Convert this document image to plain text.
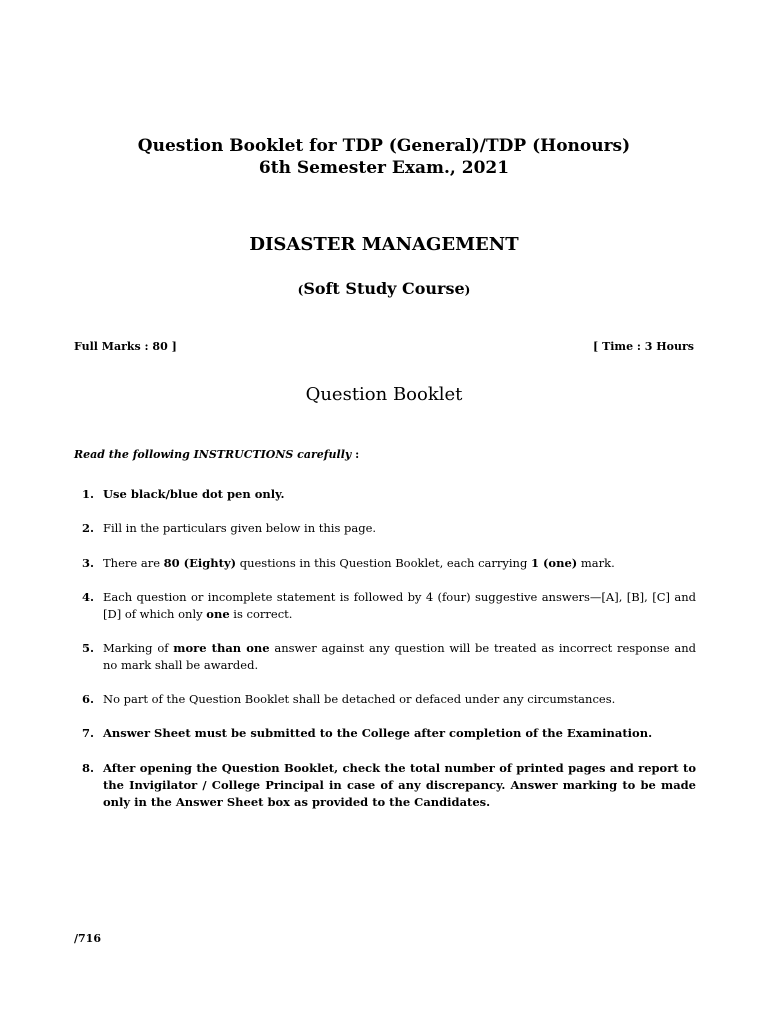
Question Booklet for TDP (General)/TDP (Honours)
6th Semester Exam., 2021
DISASTER MANAGEMENT
(Soft Study Course)
Full Marks : 80 ]	[ Time : 3 Hours
Question Booklet
Read the following INSTRUCTIONS carefully :
1. Use black/blue dot pen only.
2. Fill in the particulars given below in this page.
3. There are 80 (Eighty) questions in this Question Booklet, each carrying 1 (one) mark.
4. Each question or incomplete statement is followed by 4 (four) suggestive answers—[A], [B], [C] and [D] of which only one is correct.
5. Marking of more than one answer against any question will be treated as incorrect response and no mark shall be awarded.
6. No part of the Question Booklet shall be detached or defaced under any circumstances.
7. Answer Sheet must be submitted to the College after completion of the Examination.
8. After opening the Question Booklet, check the total number of printed pages and report to the Invigilator / College Principal in case of any discrepancy. Answer marking to be made only in the Answer Sheet box as provided to the Candidates.
/716
